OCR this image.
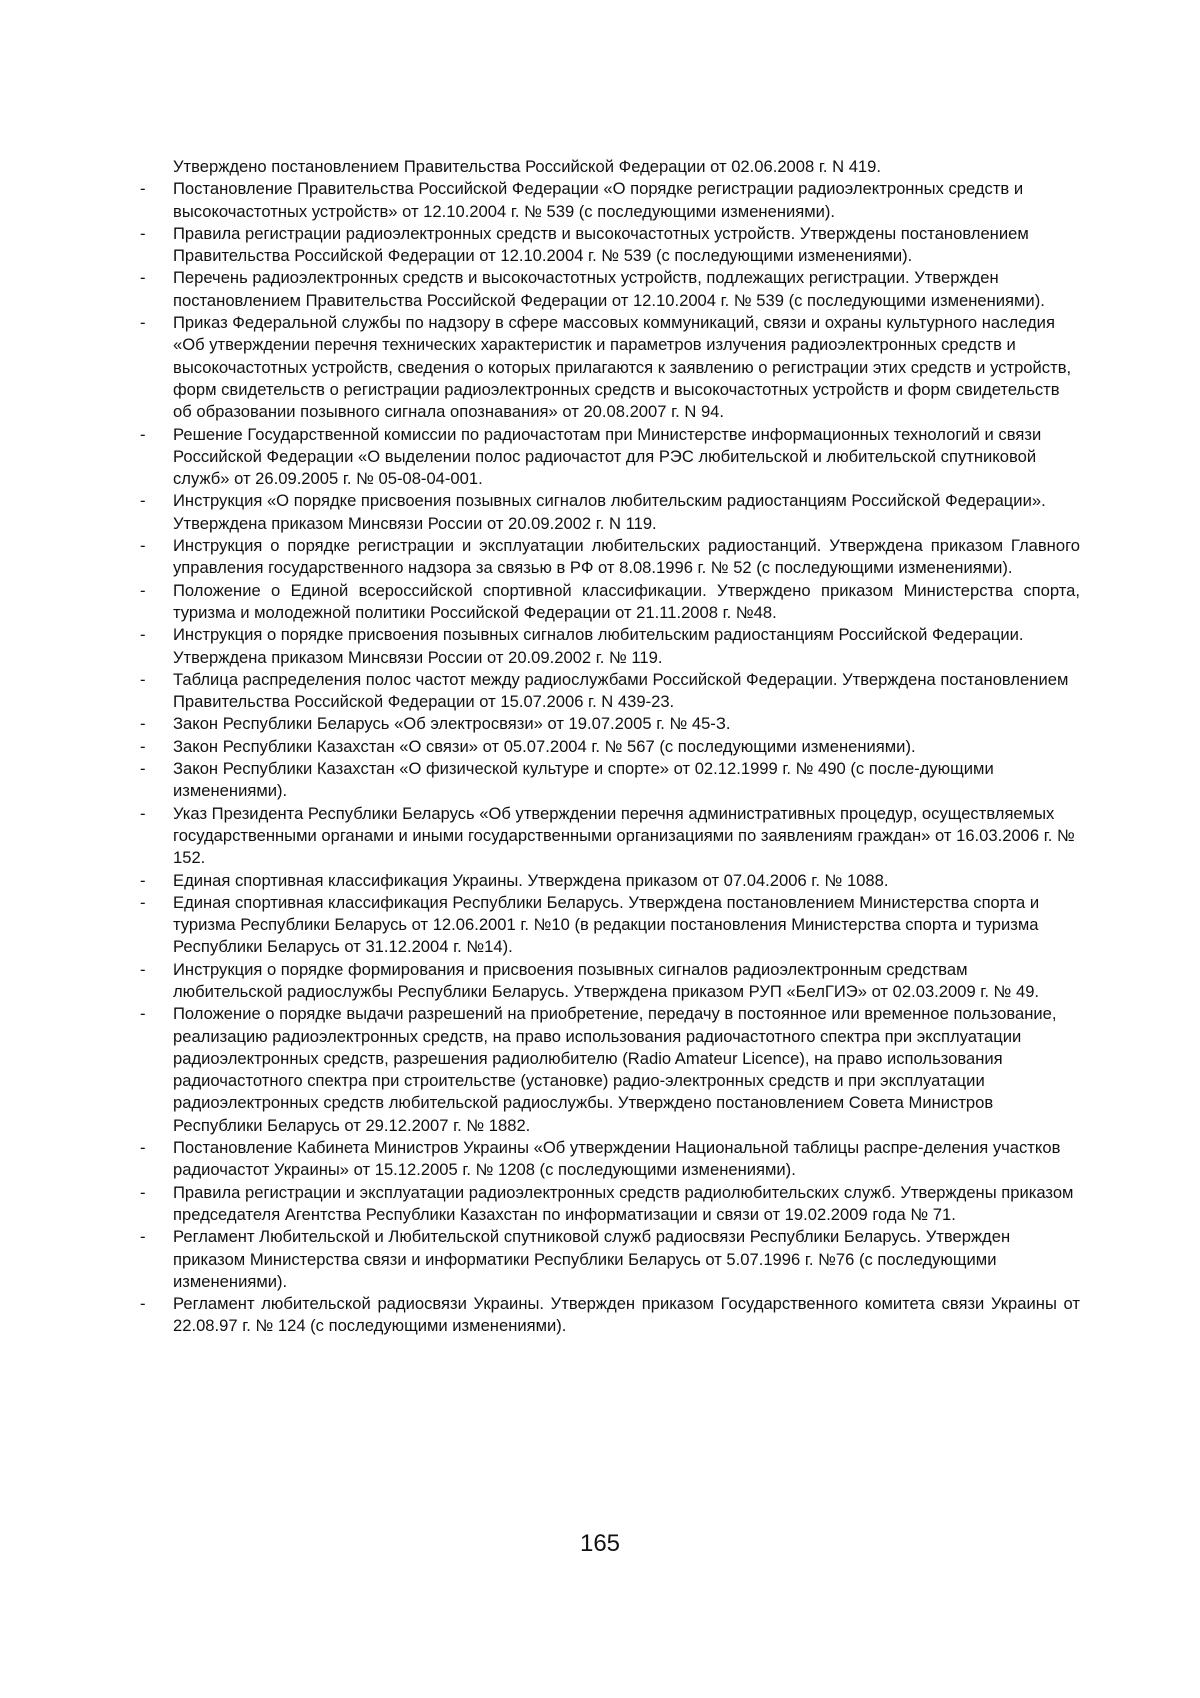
Утверждено постановлением Правительства Российской Федерации от 02.06.2008 г. N 419.

- Постановление Правительства Российской Федерации «О порядке регистрации радиоэлектронных средств и высокочастотных устройств» от 12.10.2004 г. № 539 (с последующими изменениями).
- Правила регистрации радиоэлектронных средств и высокочастотных устройств. Утверждены постановлением Правительства Российской Федерации от 12.10.2004 г. № 539 (с последующими изменениями).
- Перечень радиоэлектронных средств и высокочастотных устройств, подлежащих регистрации. Утвержден постановлением Правительства Российской Федерации от 12.10.2004 г. № 539 (с последующими изменениями).
- Приказ Федеральной службы по надзору в сфере массовых коммуникаций, связи и охраны культурного наследия «Об утверждении перечня технических характеристик и параметров излучения радиоэлектронных средств и высокочастотных устройств, сведения о которых прилагаются к заявлению о регистрации этих средств и устройств, форм свидетельств о регистрации радиоэлектронных средств и высокочастотных устройств и форм свидетельств об образовании позывного сигнала опознавания» от 20.08.2007 г. N 94.
- Решение Государственной комиссии по радиочастотам при Министерстве информационных технологий и связи Российской Федерации «О выделении полос радиочастот для РЭС любительской и любительской спутниковой служб» от 26.09.2005 г. № 05-08-04-001.
- Инструкция «О порядке присвоения позывных сигналов любительским радиостанциям Российской Федерации». Утверждена приказом Минсвязи России от 20.09.2002 г. N 119.
- Инструкция о порядке регистрации и эксплуатации любительских радиостанций. Утверждена приказом Главного управления государственного надзора за связью в РФ от 8.08.1996 г. № 52 (с последующими изменениями).
- Положение о Единой всероссийской спортивной классификации. Утверждено приказом Министерства спорта, туризма и молодежной политики Российской Федерации от 21.11.2008 г. №48.
- Инструкция о порядке присвоения позывных сигналов любительским радиостанциям Российской Федерации. Утверждена приказом Минсвязи России от 20.09.2002 г. № 119.
- Таблица распределения полос частот между радиослужбами Российской Федерации. Утверждена постановлением Правительства Российской Федерации от 15.07.2006 г. N 439-23.
- Закон Республики Беларусь «Об электросвязи» от 19.07.2005 г. № 45-З.
- Закон Республики Казахстан «О связи» от 05.07.2004 г. № 567 (с последующими изменениями).
- Закон Республики Казахстан «О физической культуре и спорте» от 02.12.1999 г. № 490 (с после-дующими изменениями).
- Указ Президента Республики Беларусь «Об утверждении перечня административных процедур, осуществляемых государственными органами и иными государственными организациями по заявлениям граждан» от 16.03.2006 г. № 152.
- Единая спортивная классификация Украины. Утверждена приказом от 07.04.2006 г. № 1088.
- Единая спортивная классификация Республики Беларусь. Утверждена постановлением Министерства спорта и туризма Республики Беларусь от 12.06.2001 г. №10 (в редакции постановления Министерства спорта и туризма Республики Беларусь от 31.12.2004 г. №14).
- Инструкция о порядке формирования и присвоения позывных сигналов радиоэлектронным средствам любительской радиослужбы Республики Беларусь. Утверждена приказом РУП «БелГИЭ» от 02.03.2009 г. № 49.
- Положение о порядке выдачи разрешений на приобретение, передачу в постоянное или временное пользование, реализацию радиоэлектронных средств, на право использования радиочастотного спектра при эксплуатации радиоэлектронных средств, разрешения радиолюбителю (Radio Amateur Licence), на право использования радиочастотного спектра при строительстве (установке) радио-электронных средств и при эксплуатации радиоэлектронных средств любительской радиослужбы. Утверждено постановлением Совета Министров Республики Беларусь от 29.12.2007 г. № 1882.
- Постановление Кабинета Министров Украины «Об утверждении Национальной таблицы распре-деления участков радиочастот Украины» от 15.12.2005 г. № 1208 (с последующими изменениями).
- Правила регистрации и эксплуатации радиоэлектронных средств радиолюбительских служб. Утверждены приказом председателя Агентства Республики Казахстан по информатизации и связи от 19.02.2009 года № 71.
- Регламент Любительской и Любительской спутниковой служб радиосвязи Республики Беларусь. Утвержден приказом Министерства связи и информатики Республики Беларусь от 5.07.1996 г. №76 (с последующими изменениями).
- Регламент любительской радиосвязи Украины. Утвержден приказом Государственного комитета связи Украины от 22.08.97 г. № 124 (с последующими изменениями).
165
